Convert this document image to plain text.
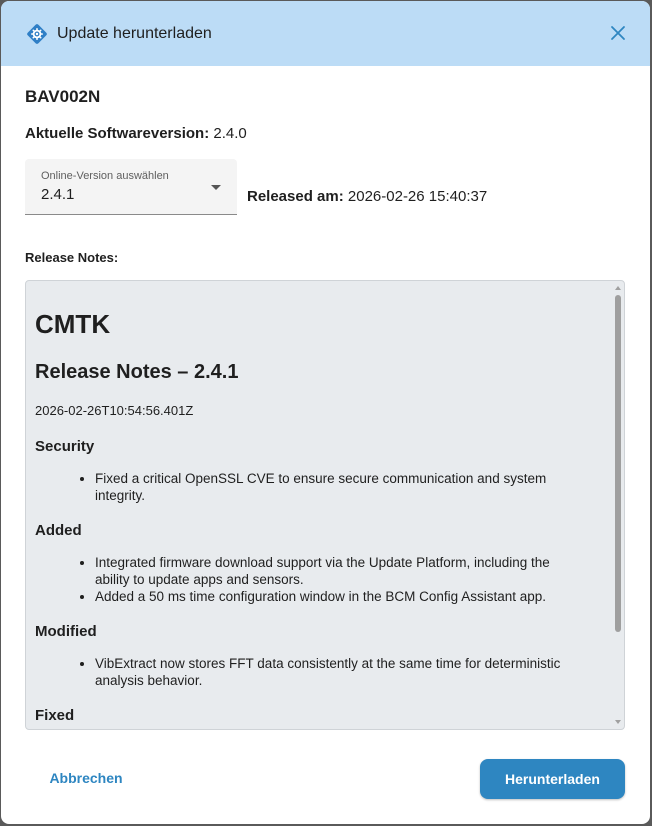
Update herunterladen
BAV002N
Aktuelle Softwareversion: 2.4.0
Online-Version auswählen
2.4.1	Released am: 2026-02-26 15:40:37
Release Notes:
CMTK
Release Notes – 2.4.1
2026-02-26T10:54:56.401Z
Security
• Fixed a critical OpenSSL CVE to ensure secure communication and system integrity.
Added
• Integrated firmware download support via the Update Platform, including the ability to update apps and sensors.
• Added a 50 ms time configuration window in the BCM Config Assistant app.
Modified
• VibExtract now stores FFT data consistently at the same time for deterministic analysis behavior.
Fixed
Abbrechen	Herunterladen
